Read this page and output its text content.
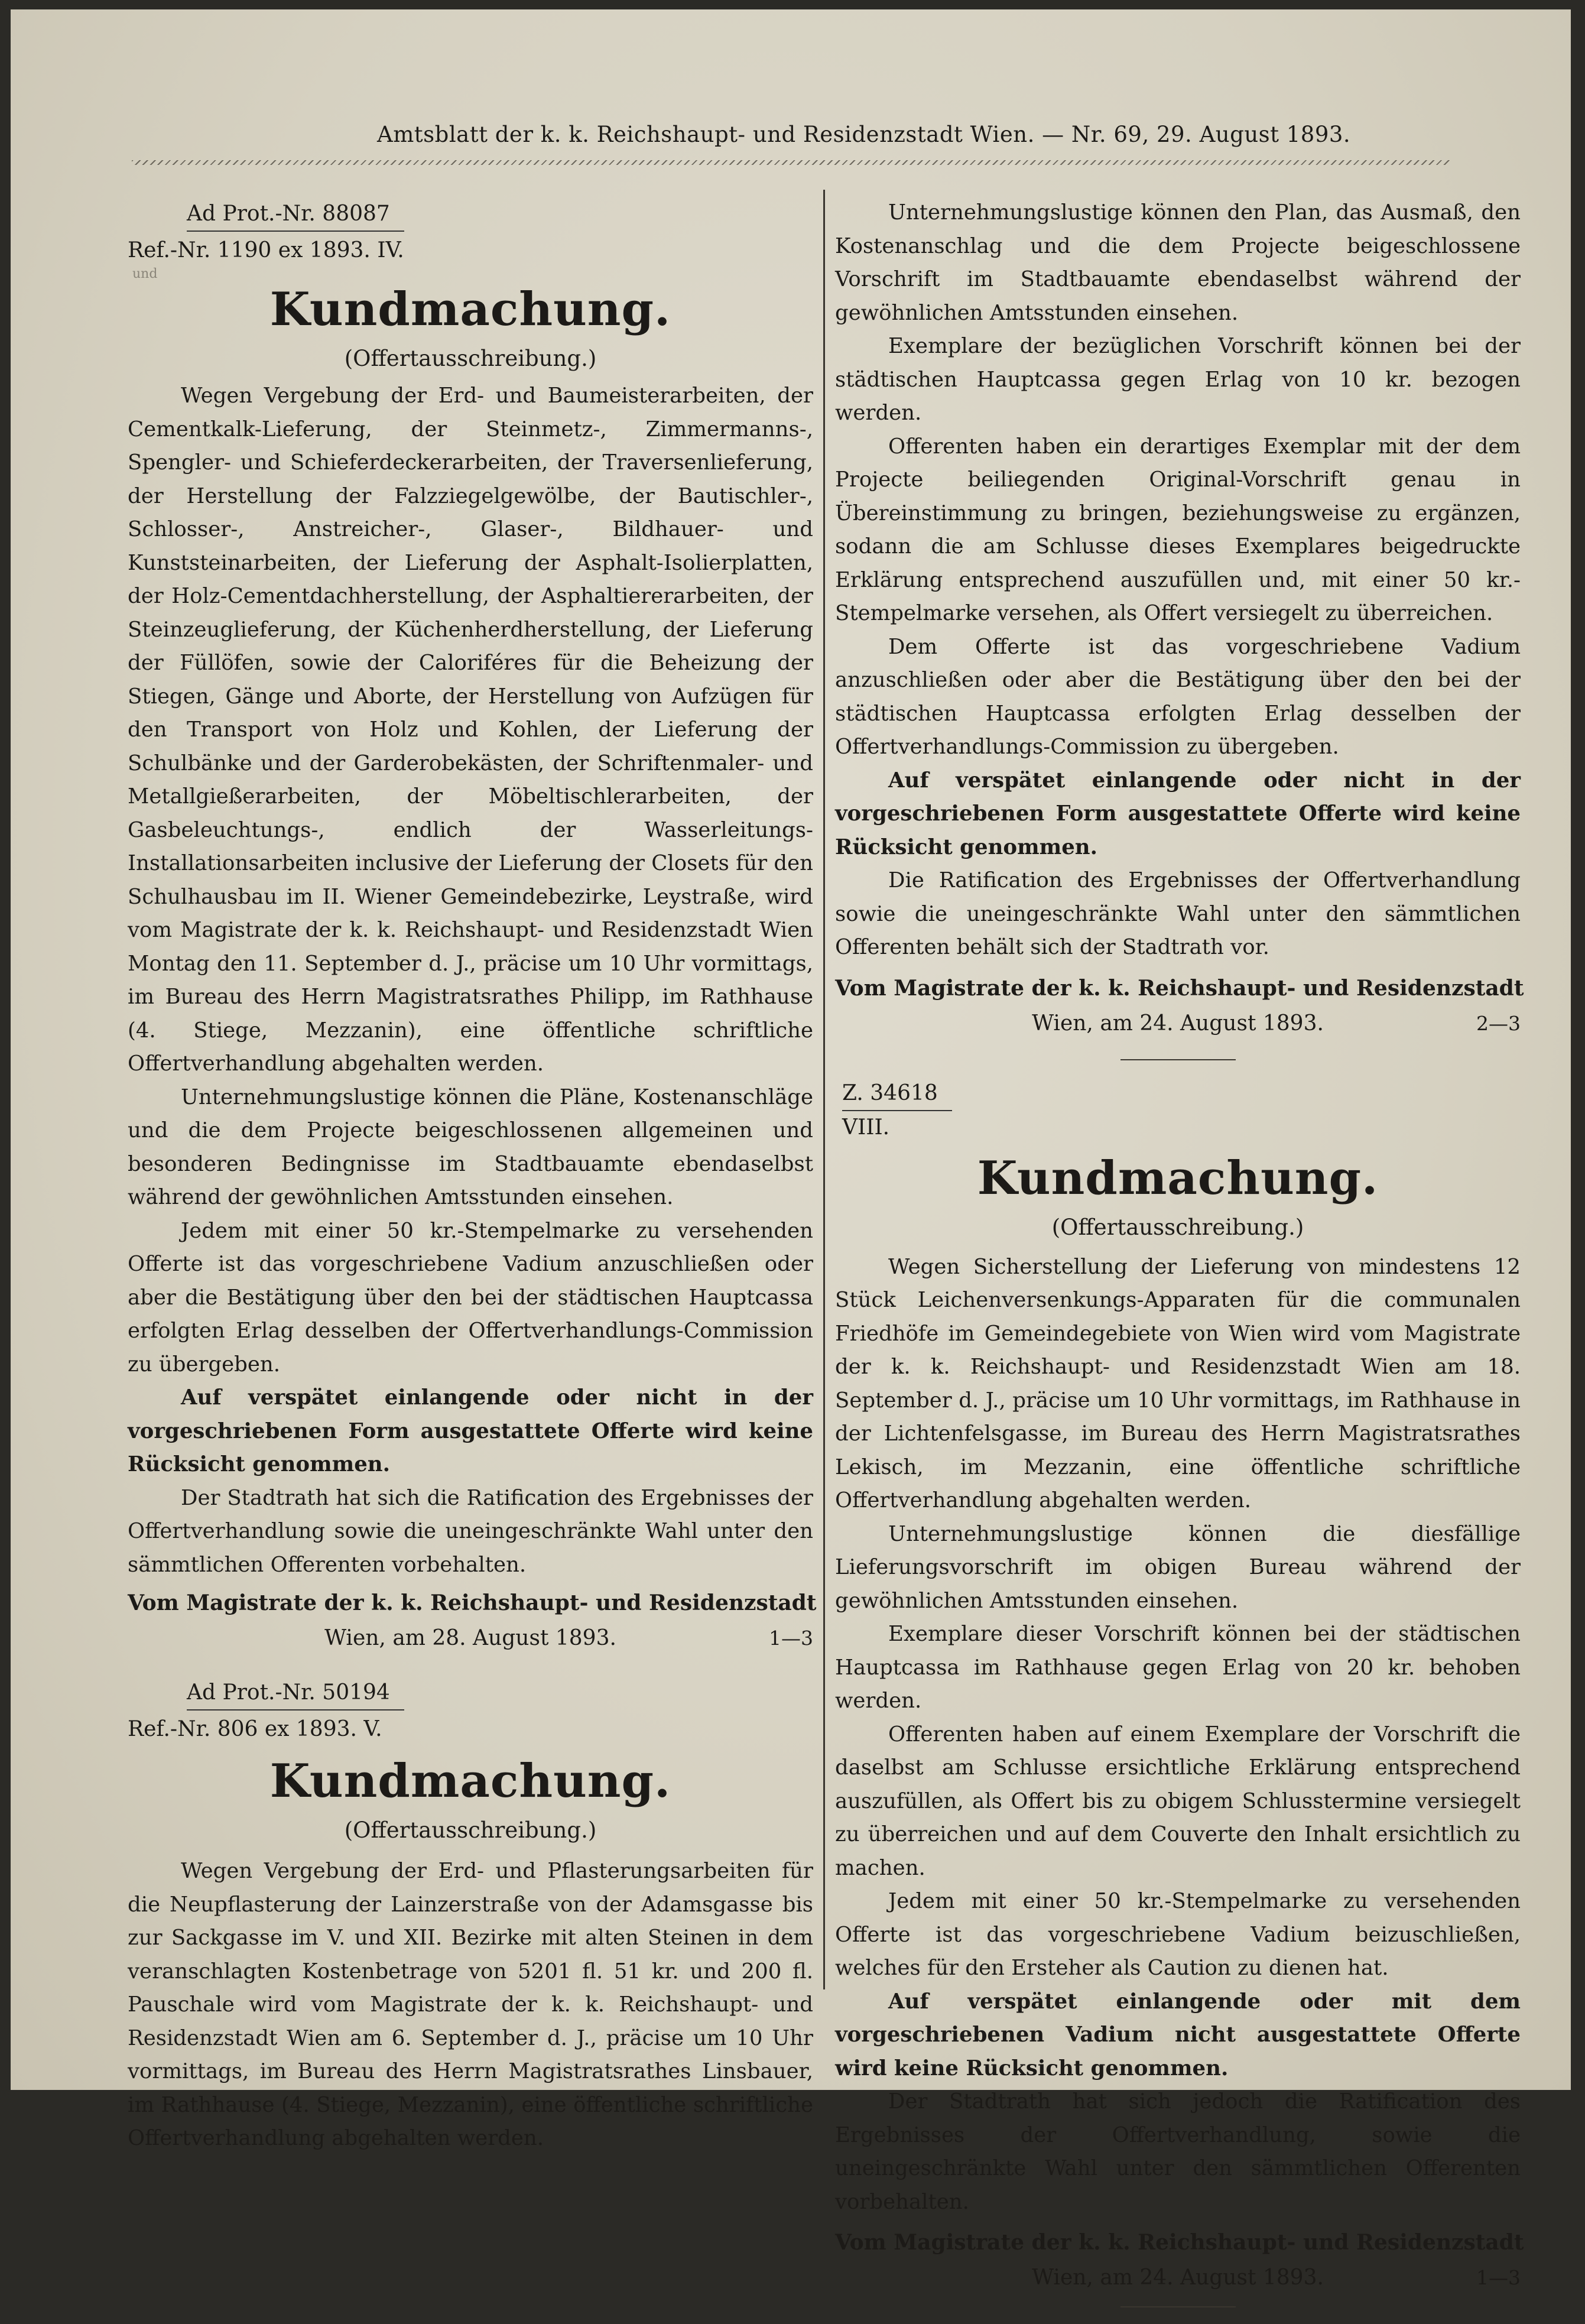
Amtsblatt der k. k. Reichshaupt- und Residenzstadt Wien. — Nr. 69, 29. August 1893.
Ad Prot.-Nr. 88087
Ref.-Nr. 1190 ex 1893. IV.
und
Kundmachung.
(Offertausschreibung.)

Wegen Vergebung der Erd- und Baumeisterarbeiten, der Cementkalk-Lieferung, der Steinmetz-, Zimmermanns-, Spengler- und Schieferdeckerarbeiten, der Traversenlieferung, der Herstellung der Falzziegelgewölbe, der Bautischler-, Schlosser-, Anstreicher-, Glaser-, Bildhauer- und Kunststeinarbeiten, der Lieferung der Asphalt-Isolierplatten, der Holz-Cementdachherstellung, der Asphaltiererarbeiten, der Steinzeuglieferung, der Küchenherdherstellung, der Lieferung der Füllöfen, sowie der Caloriféres für die Beheizung der Stiegen, Gänge und Aborte, der Herstellung von Aufzügen für den Transport von Holz und Kohlen, der Lieferung der Schulbänke und der Garderobekästen, der Schriftenmaler- und Metallgießerarbeiten, der Möbeltischlerarbeiten, der Gasbeleuchtungs-, endlich der Wasserleitungs-Installationsarbeiten inclusive der Lieferung der Closets für den Schulhausbau im II. Wiener Gemeindebezirke, Leystraße, wird vom Magistrate der k. k. Reichshaupt- und Residenzstadt Wien Montag den 11. September d. J., präcise um 10 Uhr vormittags, im Bureau des Herrn Magistratsrathes Philipp, im Rathhause (4. Stiege, Mezzanin), eine öffentliche schriftliche Offertverhandlung abgehalten werden.

Unternehmungslustige können die Pläne, Kostenanschläge und die dem Projecte beigeschlossenen allgemeinen und besonderen Bedingnisse im Stadtbauamte ebendaselbst während der gewöhnlichen Amtsstunden einsehen.

Jedem mit einer 50 kr.-Stempelmarke zu versehenden Offerte ist das vorgeschriebene Vadium anzuschließen oder aber die Bestätigung über den bei der städtischen Hauptcassa erfolgten Erlag desselben der Offertverhandlungs-Commission zu übergeben.

Auf verspätet einlangende oder nicht in der vorgeschriebenen Form ausgestattete Offerte wird keine Rücksicht genommen.

Der Stadtrath hat sich die Ratification des Ergebnisses der Offertverhandlung sowie die uneingeschränkte Wahl unter den sämmtlichen Offerenten vorbehalten.

Vom Magistrate der k. k. Reichshaupt- und Residenzstadt
Wien, am 28. August 1893.	1—3
Ad Prot.-Nr. 50194
Ref.-Nr. 806 ex 1893. V.
Kundmachung.
(Offertausschreibung.)

Wegen Vergebung der Erd- und Pflasterungsarbeiten für die Neupflasterung der Lainzerstraße von der Adamsgasse bis zur Sackgasse im V. und XII. Bezirke mit alten Steinen in dem veranschlagten Kostenbetrage von 5201 fl. 51 kr. und 200 fl. Pauschale wird vom Magistrate der k. k. Reichshaupt- und Residenzstadt Wien am 6. September d. J., präcise um 10 Uhr vormittags, im Bureau des Herrn Magistratsrathes Linsbauer, im Rathhause (4. Stiege, Mezzanin), eine öffentliche schriftliche Offertverhandlung abgehalten werden.

Unternehmungslustige können den Plan, das Ausmaß, den Kostenanschlag und die dem Projecte beigeschlossene Vorschrift im Stadtbauamte ebendaselbst während der gewöhnlichen Amtsstunden einsehen.

Exemplare der bezüglichen Vorschrift können bei der städtischen Hauptcassa gegen Erlag von 10 kr. bezogen werden.

Offerenten haben ein derartiges Exemplar mit der dem Projecte beiliegenden Original-Vorschrift genau in Übereinstimmung zu bringen, beziehungsweise zu ergänzen, sodann die am Schlusse dieses Exemplares beigedruckte Erklärung entsprechend auszufüllen und, mit einer 50 kr.-Stempelmarke versehen, als Offert versiegelt zu überreichen.

Dem Offerte ist das vorgeschriebene Vadium anzuschließen oder aber die Bestätigung über den bei der städtischen Hauptcassa erfolgten Erlag desselben der Offertverhandlungs-Commission zu übergeben.

Auf verspätet einlangende oder nicht in der vorgeschriebenen Form ausgestattete Offerte wird keine Rücksicht genommen.

Die Ratification des Ergebnisses der Offertverhandlung sowie die uneingeschränkte Wahl unter den sämmtlichen Offerenten behält sich der Stadtrath vor.

Vom Magistrate der k. k. Reichshaupt- und Residenzstadt
Wien, am 24. August 1893.	2—3
Z. 34618
VIII.
Kundmachung.
(Offertausschreibung.)

Wegen Sicherstellung der Lieferung von mindestens 12 Stück Leichenversenkungs-Apparaten für die communalen Friedhöfe im Gemeindegebiete von Wien wird vom Magistrate der k. k. Reichshaupt- und Residenzstadt Wien am 18. September d. J., präcise um 10 Uhr vormittags, im Rathhause in der Lichtenfelsgasse, im Bureau des Herrn Magistratsrathes Lekisch, im Mezzanin, eine öffentliche schriftliche Offertverhandlung abgehalten werden.

Unternehmungslustige können die diesfällige Lieferungsvorschrift im obigen Bureau während der gewöhnlichen Amtsstunden einsehen.

Exemplare dieser Vorschrift können bei der städtischen Hauptcassa im Rathhause gegen Erlag von 20 kr. behoben werden.

Offerenten haben auf einem Exemplare der Vorschrift die daselbst am Schlusse ersichtliche Erklärung entsprechend auszufüllen, als Offert bis zu obigem Schlusstermine versiegelt zu überreichen und auf dem Couverte den Inhalt ersichtlich zu machen.

Jedem mit einer 50 kr.-Stempelmarke zu versehenden Offerte ist das vorgeschriebene Vadium beizuschließen, welches für den Ersteher als Caution zu dienen hat.

Auf verspätet einlangende oder mit dem vorgeschriebenen Vadium nicht ausgestattete Offerte wird keine Rücksicht genommen.

Der Stadtrath hat sich jedoch die Ratification des Ergebnisses der Offertverhandlung, sowie die uneingeschränkte Wahl unter den sämmtlichen Offerenten vorbehalten.

Vom Magistrate der k. k. Reichshaupt- und Residenzstadt
Wien, am 24. August 1893.	1—3
